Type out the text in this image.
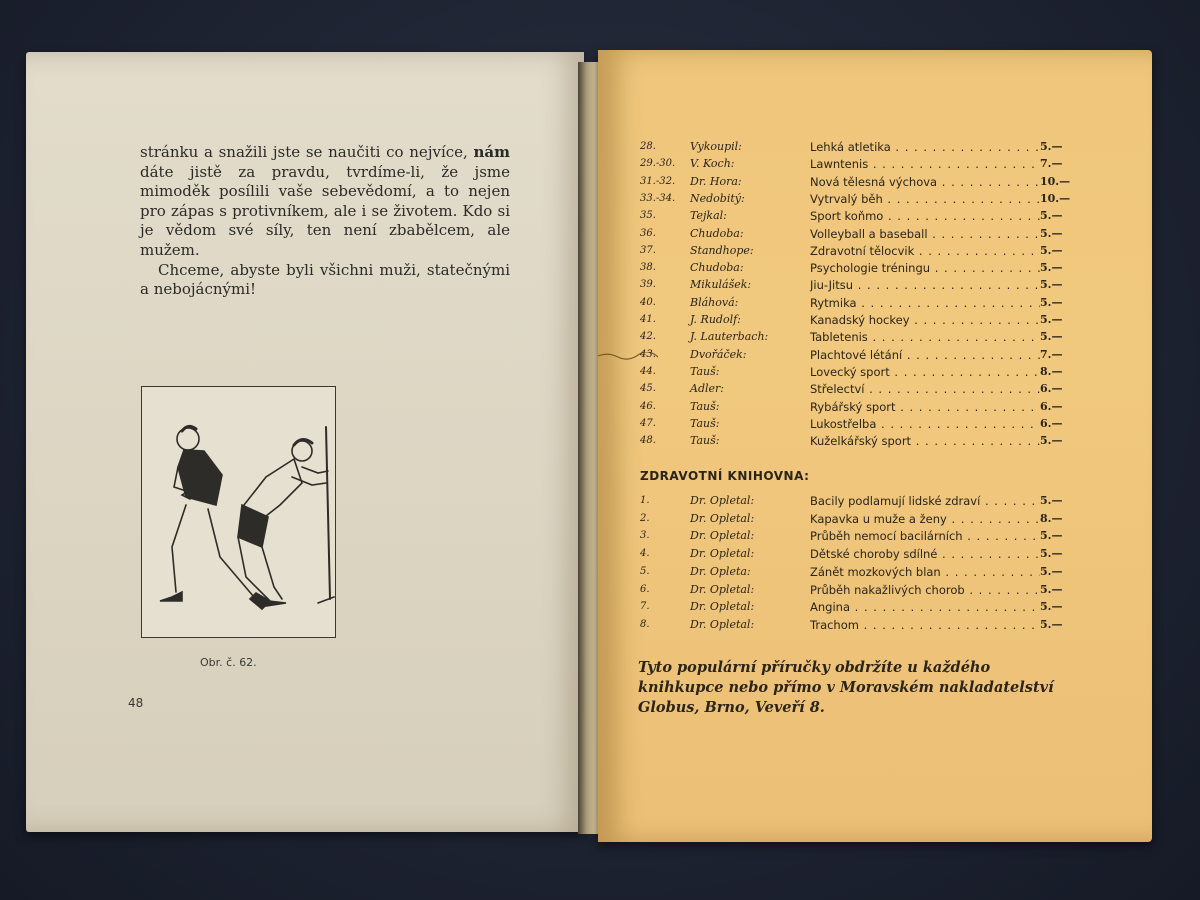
stránku a snažili jste se naučiti co nejvíce, nám dáte jistě za pravdu, tvrdíme-li, že jsme mimoděk posílili vaše sebevědomí, a to nejen pro zápas s protivníkem, ale i se životem. Kdo si je vědom své síly, ten není zbabělcem, ale mužem.

Chceme, abyste byli všichni muži, statečnými a nebojácnými!

Obr. č. 62.
48
28.	Vykoupil:	Lehká atletika . . .	5.—
29.-30. V. Koch:	Lawntenis . . .	7.—
31.-32. Dr. Hora:	Nová tělesná výchova . . .	10.—
33.-34. Nedobitý:	Vytrvalý běh . . .	10.—
35.	Tejkal:	Sport koňmo . . .	5.—
36.	Chudoba:	Volleyball a baseball . . .	5.—
37.	Standhope:	Zdravotní tělocvik . . .	5.—
38.	Chudoba:	Psychologie tréningu . . .	5.—
39.	Mikulášek:	Jiu-Jitsu . . .	5.—
40.	Bláhová:	Rytmika . . .	5.—
41.	J. Rudolf:	Kanadský hockey . . .	5.—
42.	J. Lauterbach:	Tabletenis . . .	5.—
43.	Dvořáček:	Plachtové létání . . .	7.—
44.	Tauš:	Lovecký sport . . .	8.—
45.	Adler:	Střelectví . . .	6.—
46.	Tauš:	Rybářský sport . . .	6.—
47.	Tauš:	Lukostřelba . . .	6.—
48.	Tauš:	Kuželkářský sport . . .	5.—
ZDRAVOTNÍ KNIHOVNA:
1.	Dr. Opletal:	Bacily podlamují lidské zdraví . . .	5.—
2.	Dr. Opletal:	Kapavka u muže a ženy . . .	8.—
3.	Dr. Opletal:	Průběh nemocí bacilárních . . .	5.—
4.	Dr. Opletal:	Dětské choroby sdílné . . .	5.—
5.	Dr. Opleta:	Zánět mozkových blan . . .	5.—
6.	Dr. Opletal:	Průběh nakažlivých chorob . . .	5.—
7.	Dr. Opletal:	Angina . . .	5.—
8.	Dr. Opletal:	Trachom . . .	5.—
Tyto populární příručky obdržíte u každého knihkupce nebo přímo v Moravském nakladatelství Globus, Brno, Veveří 8.
